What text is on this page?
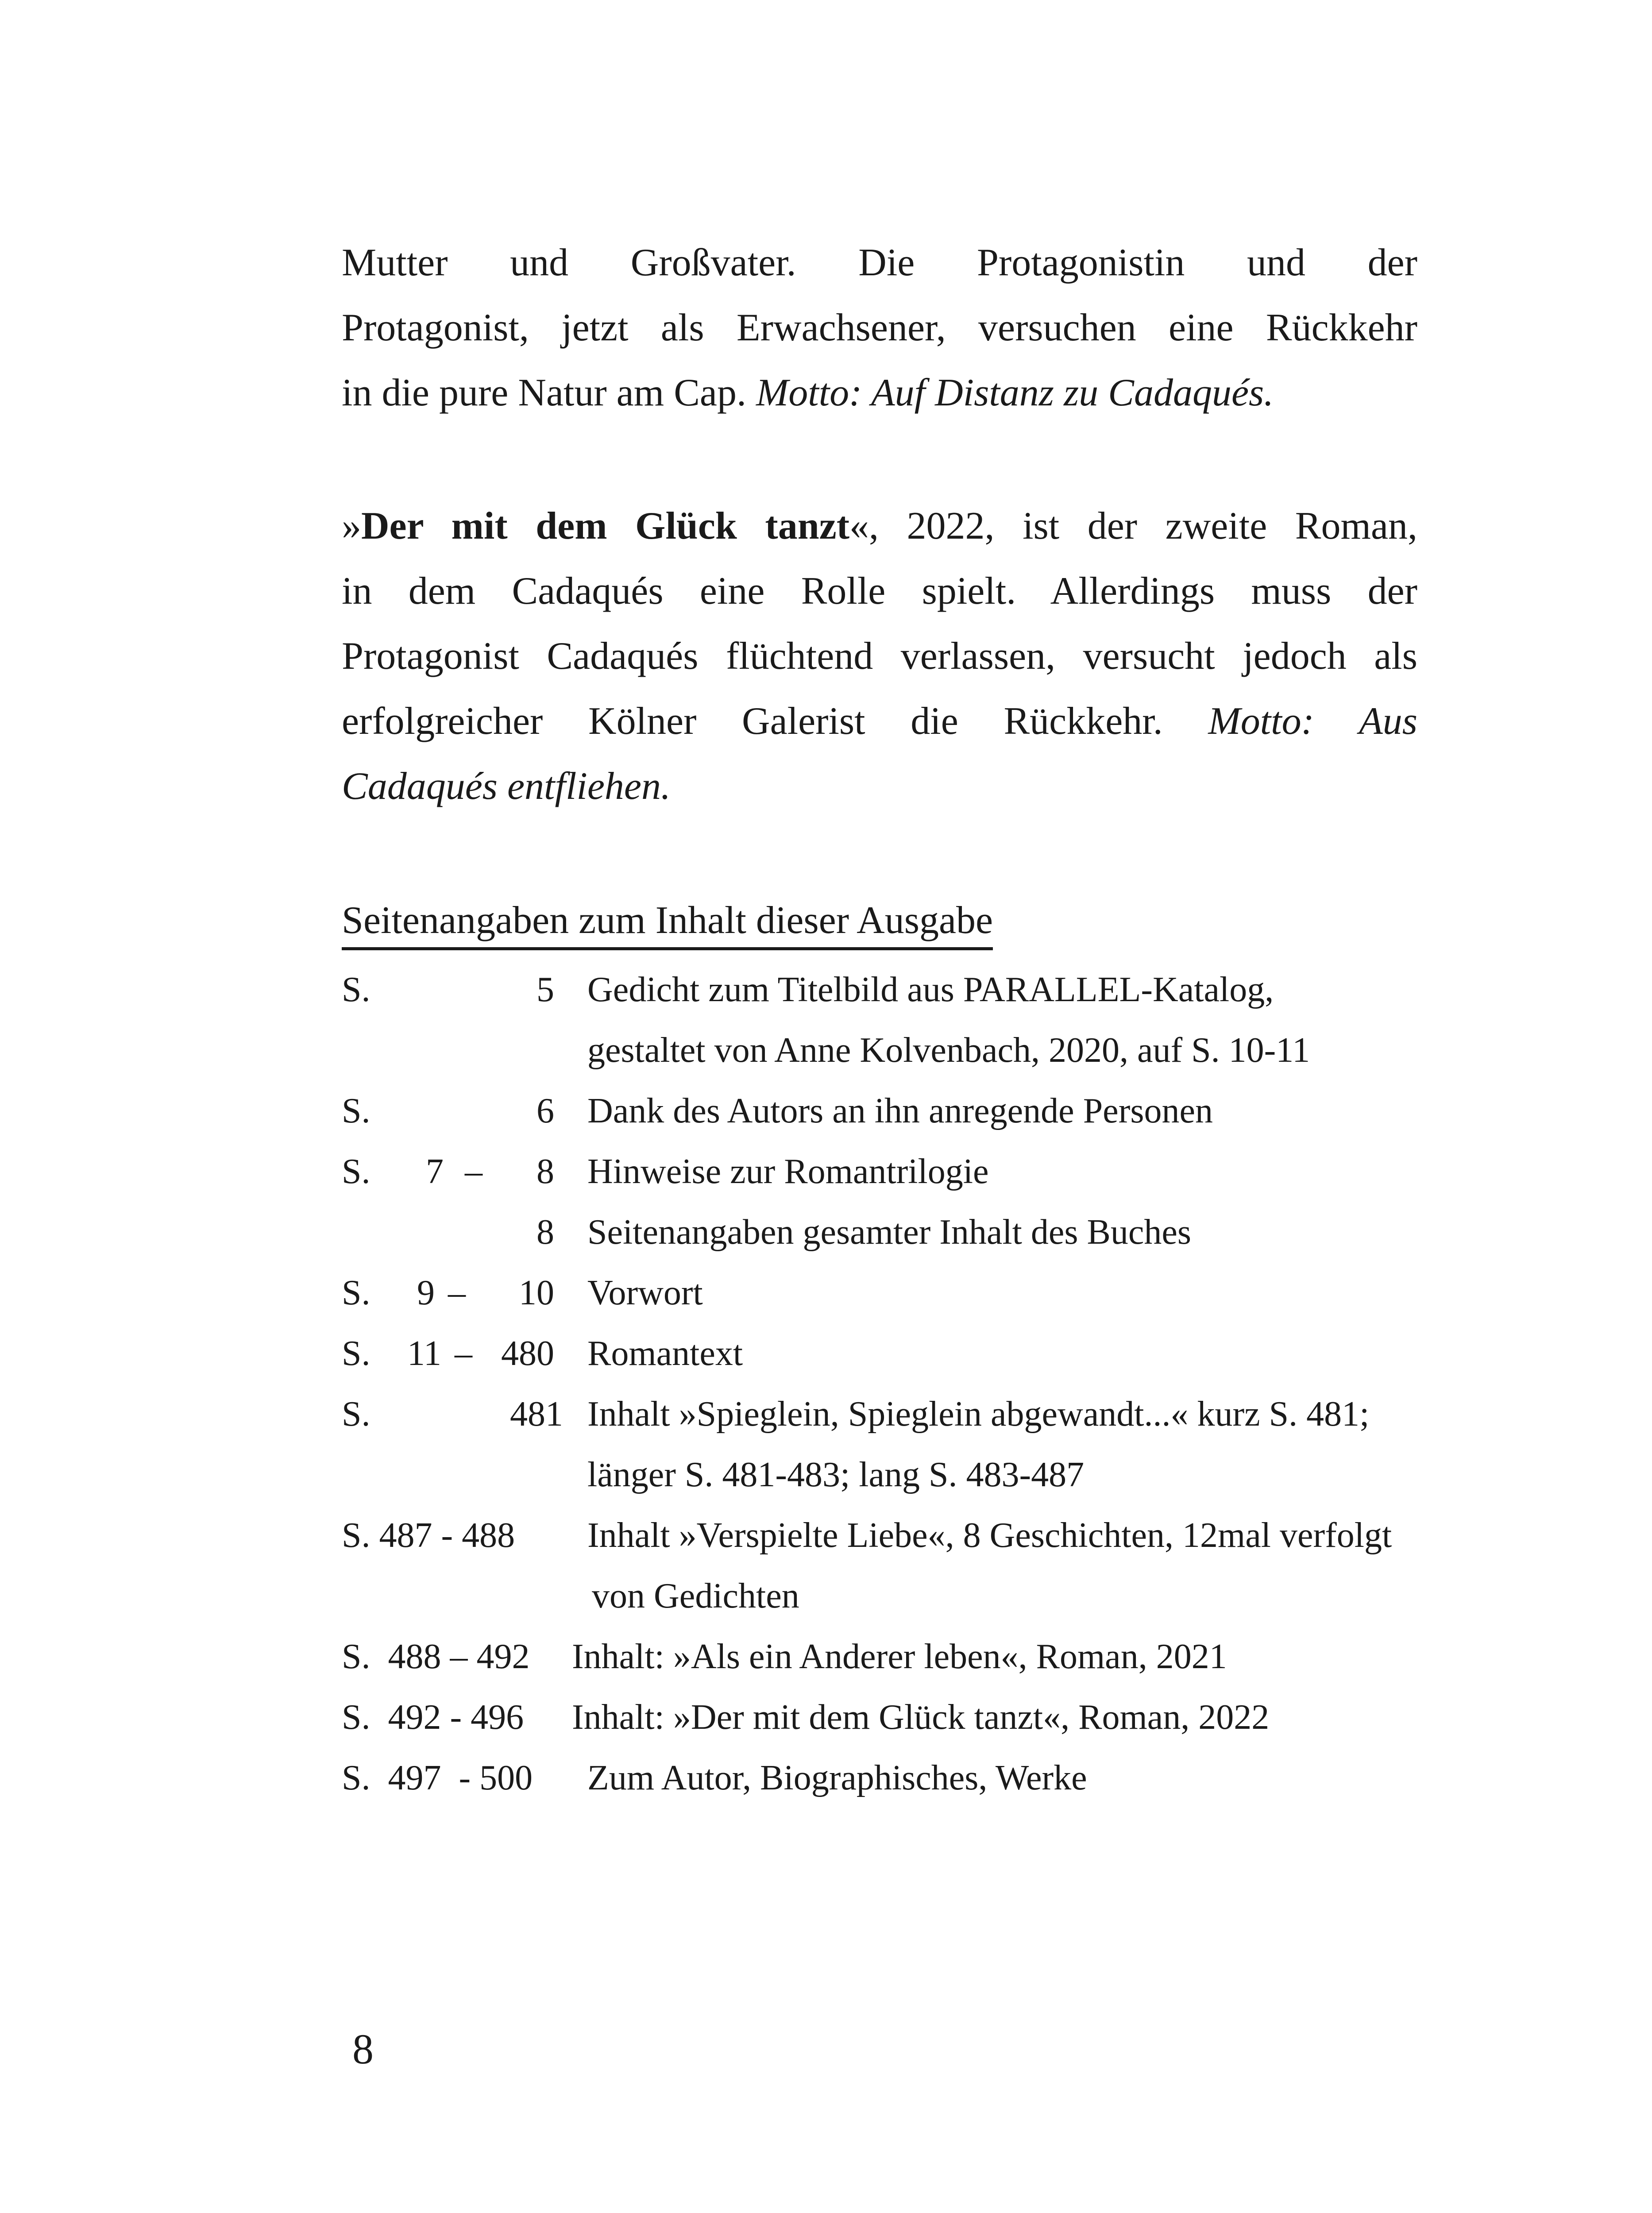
Mutter und Großvater. Die Protagonistin und der
Protagonist, jetzt als Erwachsener, versuchen eine Rückkehr
in die pure Natur am Cap. Motto: Auf Distanz zu Cadaqués.
»Der mit dem Glück tanzt«, 2022, ist der zweite Roman,
in dem Cadaqués eine Rolle spielt. Allerdings muss der
Protagonist Cadaqués flüchtend verlassen, versucht jedoch als
erfolgreicher Kölner Galerist die Rückkehr. Motto: Aus
Cadaqués entfliehen.

Seitenangaben zum Inhalt dieser Ausgabe

S.	5 Gedicht zum Titelbild aus PARALLEL-Katalog,
gestaltet von Anne Kolvenbach, 2020, auf S. 10-11
S.	6 Dank des Autors an ihn anregende Personen
S.	7 –	8 Hinweise zur Romantrilogie
8 Seitenangaben gesamter Inhalt des Buches
S.	9 –	10 Vorwort
S.	11 – 480 Romantext
S.	481 Inhalt »Spieglein, Spieglein abgewandt...« kurz S. 481;
länger S. 481-483; lang S. 483-487
S. 487 - 488 Inhalt »Verspielte Liebe«, 8 Geschichten, 12mal verfolgt
von Gedichten
S.  488 – 492 Inhalt: »Als ein Anderer leben«, Roman, 2021
S.  492 - 496 Inhalt: »Der mit dem Glück tanzt«, Roman, 2022
S.  497  - 500 Zum Autor, Biographisches, Werke

8
